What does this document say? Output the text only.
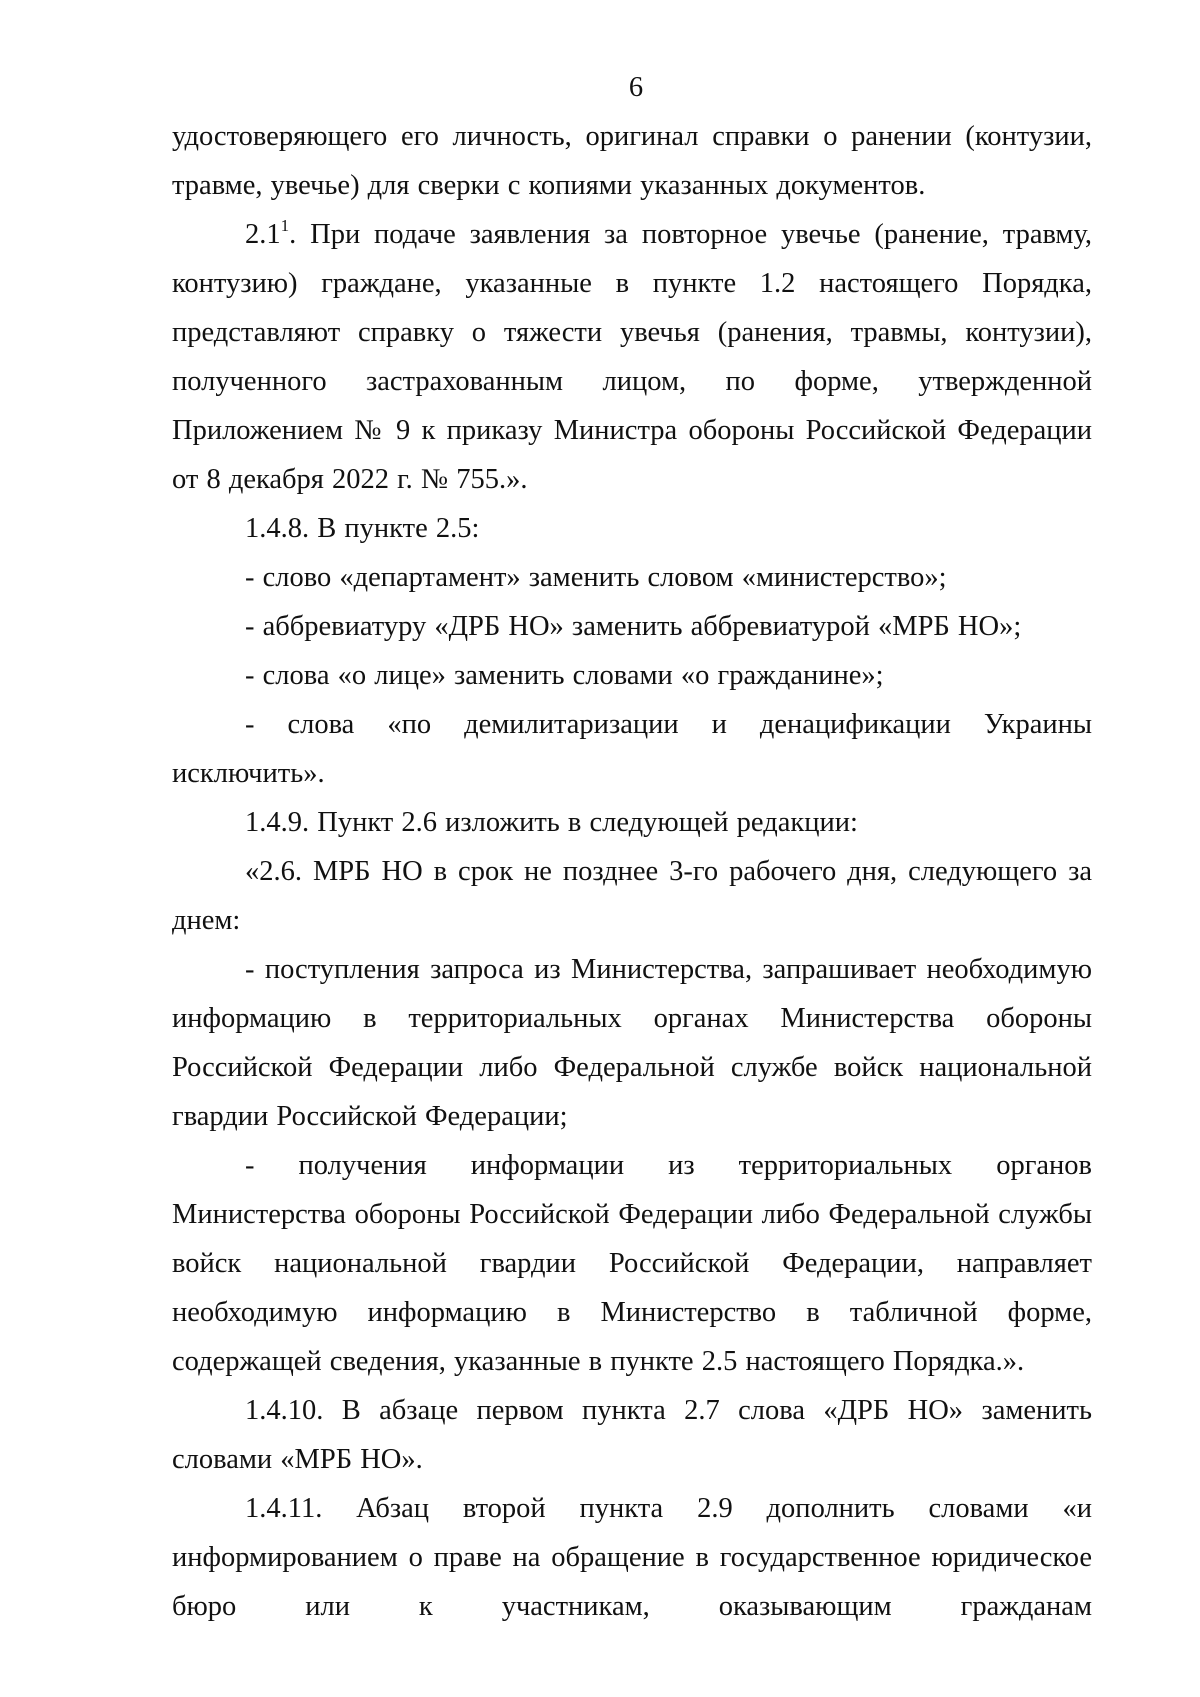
6

удостоверяющего его личность, оригинал справки о ранении (контузии, травме, увечье) для сверки с копиями указанных документов.

$2.1^1$. При подаче заявления за повторное увечье (ранение, травму, контузию) граждане, указанные в пункте 1.2 настоящего Порядка, представляют справку о тяжести увечья (ранения, травмы, контузии), полученного застрахованным лицом, по форме, утвержденной Приложением № 9 к приказу Министра обороны Российской Федерации от 8 декабря 2022 г. № 755.».

1.4.8. В пункте 2.5:

- слово «департамент» заменить словом «министерство»;

- аббревиатуру «ДРБ НО» заменить аббревиатурой «МРБ НО»;

- слова «о лице» заменить словами «о гражданине»;

- слова «по демилитаризации и денацификации Украины исключить».

1.4.9. Пункт 2.6 изложить в следующей редакции:

«2.6. МРБ НО в срок не позднее 3-го рабочего дня, следующего за днем:

- поступления запроса из Министерства, запрашивает необходимую информацию в территориальных органах Министерства обороны Российской Федерации либо Федеральной службе войск национальной гвардии Российской Федерации;

- получения информации из территориальных органов Министерства обороны Российской Федерации либо Федеральной службы войск национальной гвардии Российской Федерации, направляет необходимую информацию в Министерство в табличной форме, содержащей сведения, указанные в пункте 2.5 настоящего Порядка.».

1.4.10. В абзаце первом пункта 2.7 слова «ДРБ НО» заменить словами «МРБ НО».

1.4.11. Абзац второй пункта 2.9 дополнить словами «и информированием о праве на обращение в государственное юридическое бюро или к участникам, оказывающим гражданам
